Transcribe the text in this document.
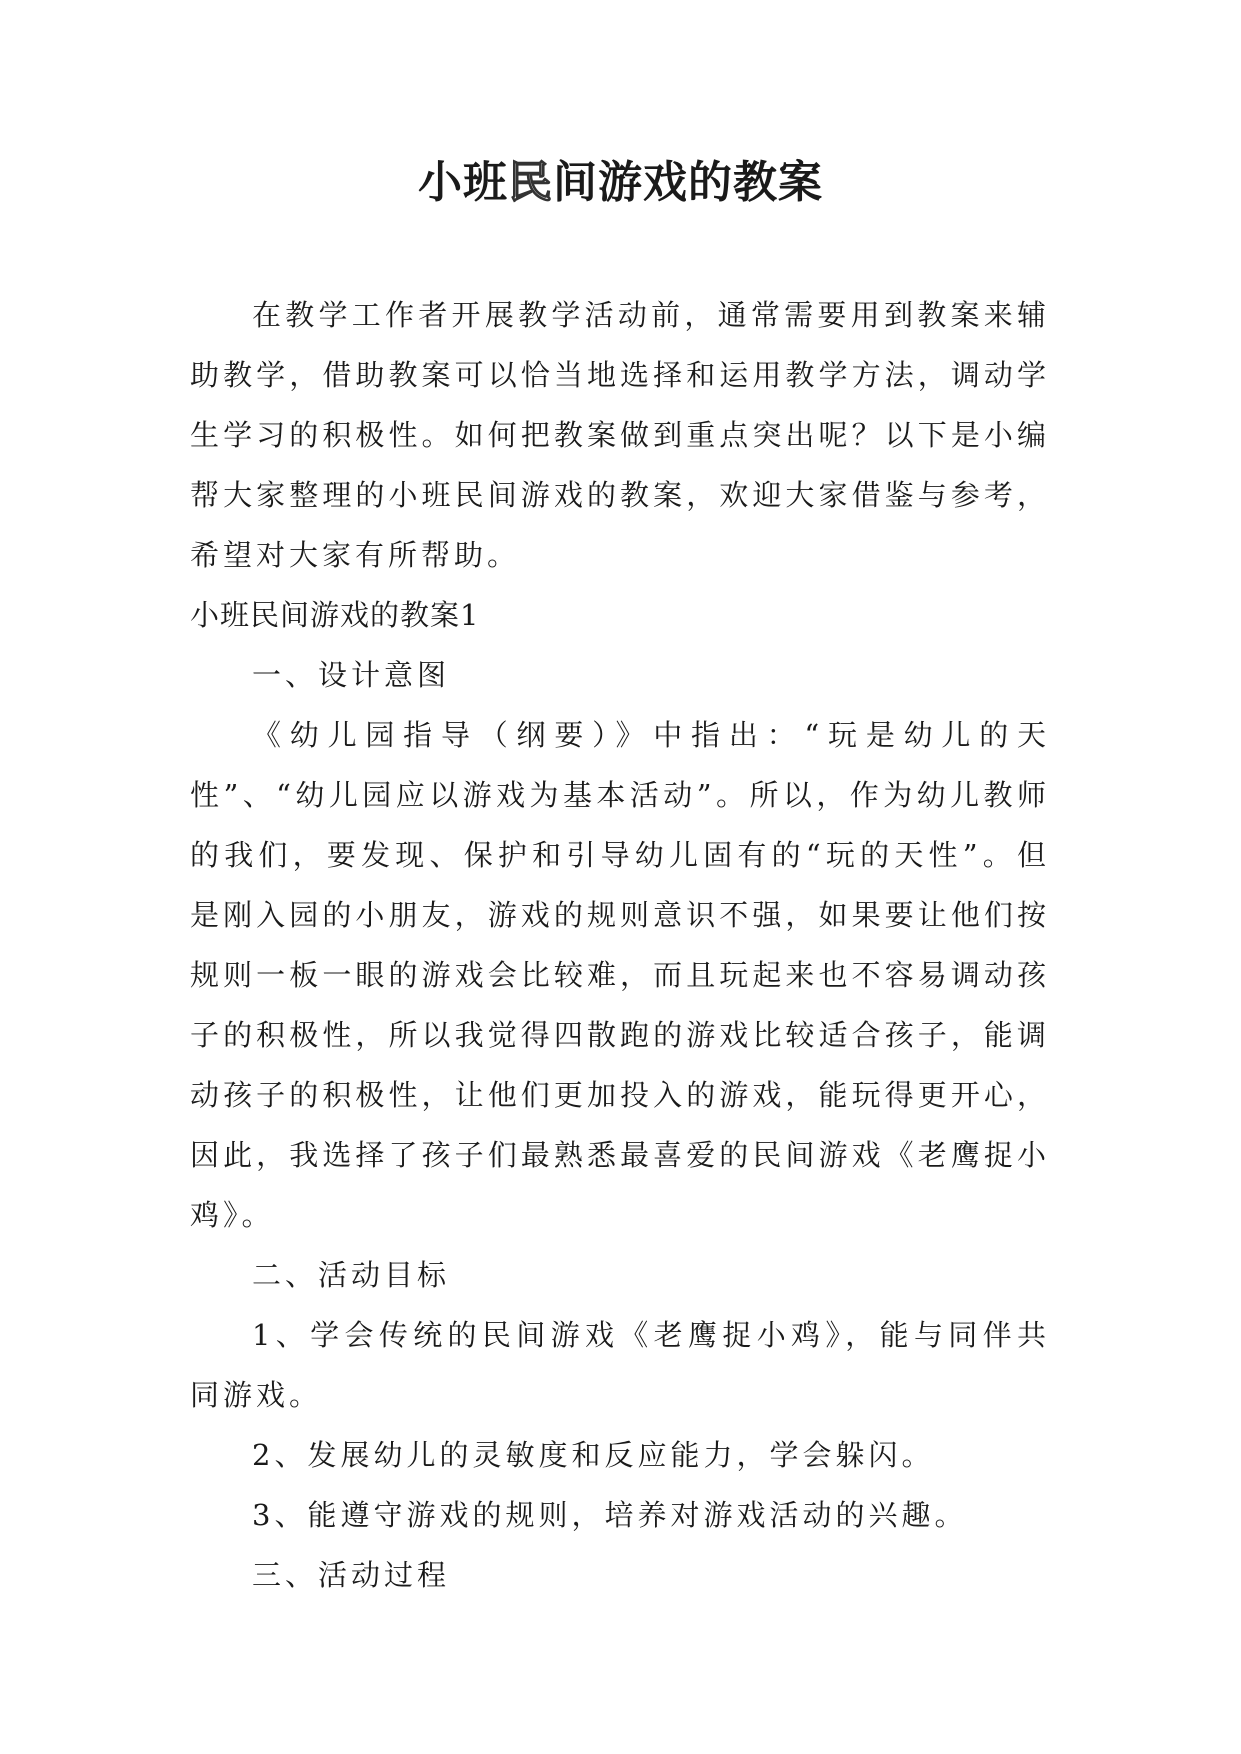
小班民间游戏的教案

在教学工作者开展教学活动前，通常需要用到教案来辅助教学，借助教案可以恰当地选择和运用教学方法，调动学生学习的积极性。如何把教案做到重点突出呢？以下是小编帮大家整理的小班民间游戏的教案，欢迎大家借鉴与参考，希望对大家有所帮助。

小班民间游戏的教案1

一、设计意图

《幼儿园指导（纲要）》中指出：“玩是幼儿的天性”、“幼儿园应以游戏为基本活动”。所以，作为幼儿教师的我们，要发现、保护和引导幼儿固有的“玩的天性”。但是刚入园的小朋友，游戏的规则意识不强，如果要让他们按规则一板一眼的游戏会比较难，而且玩起来也不容易调动孩子的积极性，所以我觉得四散跑的游戏比较适合孩子，能调动孩子的积极性，让他们更加投入的游戏，能玩得更开心，因此，我选择了孩子们最熟悉最喜爱的民间游戏《老鹰捉小鸡》。

二、活动目标

1、学会传统的民间游戏《老鹰捉小鸡》，能与同伴共同游戏。

2、发展幼儿的灵敏度和反应能力，学会躲闪。

3、能遵守游戏的规则，培养对游戏活动的兴趣。

三、活动过程
